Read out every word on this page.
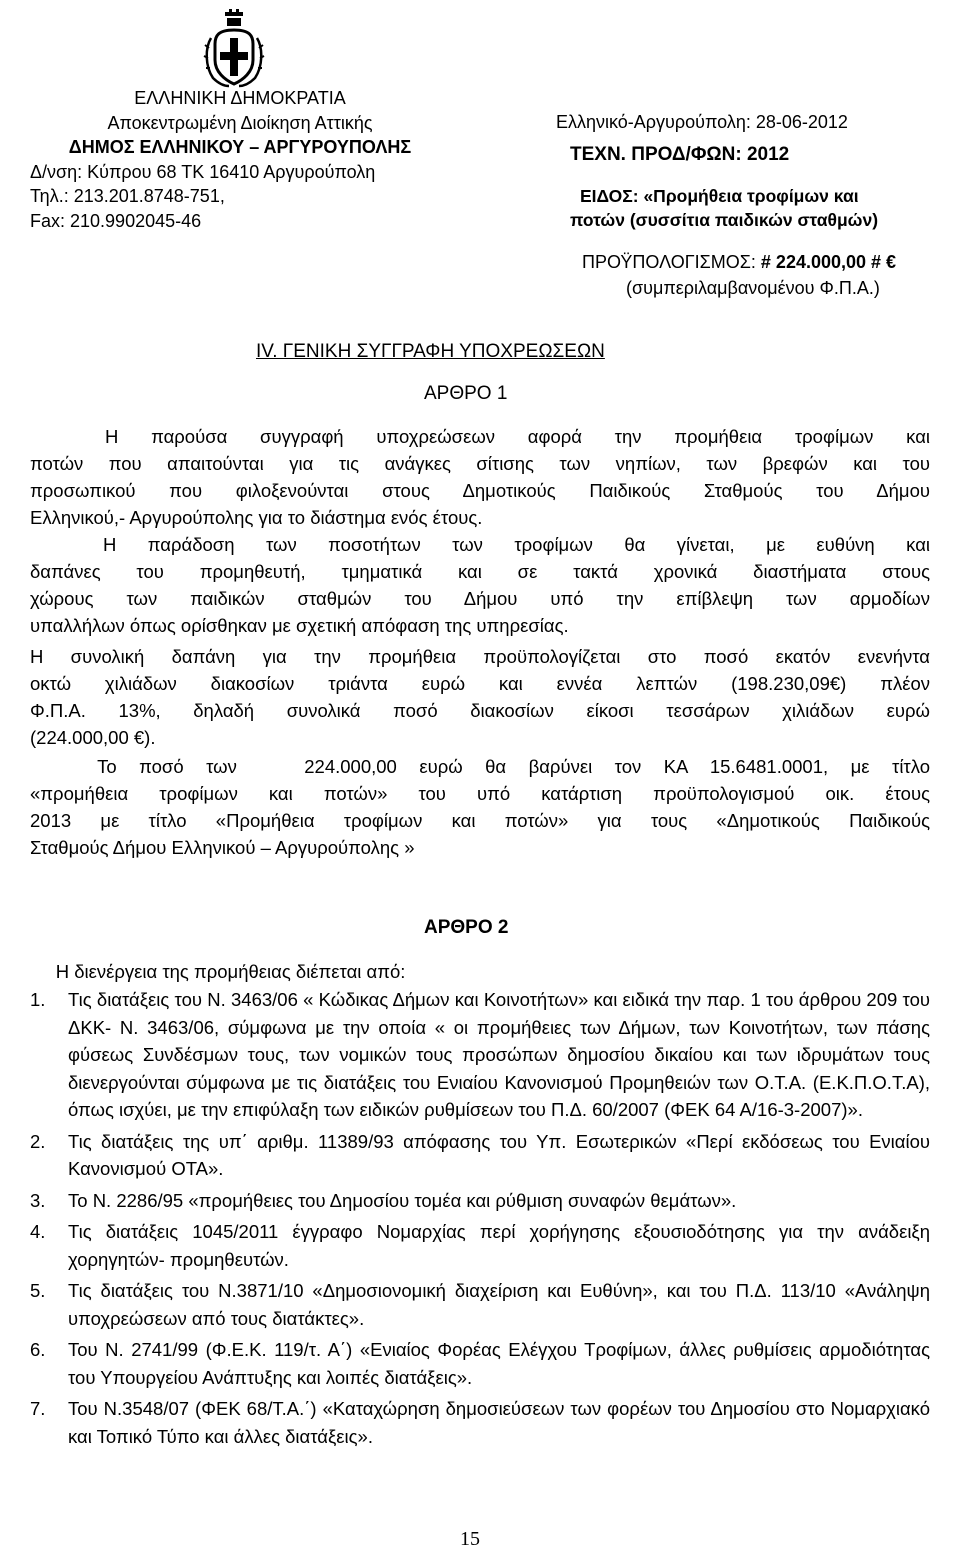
ΕΛΛΗΝΙΚΗ ΔΗΜΟΚΡΑΤΙΑ
Αποκεντρωμένη Διοίκηση Αττικής
ΔΗΜΟΣ ΕΛΛΗΝΙΚΟΥ – ΑΡΓΥΡΟΥΠΟΛΗΣ
Δ/νση: Κύπρου 68 ΤΚ 16410 Αργυρούπολη
Τηλ.: 213.201.8748-751,
Fax: 210.9902045-46
Ελληνικό-Αργυρούπολη: 28-06-2012
ΤΕΧΝ. ΠΡΟΔ/ΦΩΝ: 2012
ΕΙΔΟΣ: «Προμήθεια τροφίμων και
ποτών (συσσίτια παιδικών σταθμών)
ΠΡΟΫΠΟΛΟΓΙΣΜΟΣ: # 224.000,00 # €
(συμπεριλαμβανομένου Φ.Π.Α.)
IV. ΓΕΝΙΚΗ ΣΥΓΓΡΑΦΗ ΥΠΟΧΡΕΩΣΕΩΝ
ΑΡΘΡΟ 1
Η παρούσα συγγραφή υποχρεώσεων αφορά την προμήθεια τροφίμων και
ποτών που απαιτούνται για τις ανάγκες σίτισης των νηπίων, των βρεφών και του
προσωπικού που φιλοξενούνται στους Δημοτικούς Παιδικούς Σταθμούς του Δήμου
Ελληνικού,- Αργυρούπολης για το διάστημα ενός έτους.
Η παράδοση των ποσοτήτων των τροφίμων θα γίνεται, με ευθύνη και
δαπάνες του προμηθευτή, τμηματικά και σε τακτά χρονικά διαστήματα στους
χώρους των παιδικών σταθμών του Δήμου υπό την επίβλεψη των αρμοδίων
υπαλλήλων όπως ορίσθηκαν με σχετική απόφαση της υπηρεσίας.
Η συνολική δαπάνη για την προμήθεια προϋπολογίζεται στο ποσό εκατόν ενενήντα
οκτώ χιλιάδων διακοσίων τριάντα ευρώ και εννέα λεπτών (198.230,09€) πλέον
Φ.Π.Α. 13%, δηλαδή συνολικά ποσό διακοσίων είκοσι τεσσάρων χιλιάδων ευρώ
(224.000,00 €).
Το ποσό των   224.000,00 ευρώ θα βαρύνει τον ΚΑ 15.6481.0001, με τίτλο
«προμήθεια τροφίμων και ποτών» του υπό κατάρτιση προϋπολογισμού οικ. έτους
2013 με τίτλο «Προμήθεια τροφίμων και ποτών» για τους «Δημοτικούς Παιδικούς
Σταθμούς Δήμου Ελληνικού – Αργυρούπολης »
ΑΡΘΡΟ 2
Η διενέργεια της προμήθειας διέπεται από:
1. Τις διατάξεις του Ν. 3463/06 « Κώδικας Δήμων και Κοινοτήτων» και ειδικά την παρ. 1 του άρθρου 209 του ΔΚΚ- Ν. 3463/06, σύμφωνα με την οποία « οι προμήθειες των Δήμων, των Κοινοτήτων, των πάσης φύσεως Συνδέσμων τους, των νομικών τους προσώπων δημοσίου δικαίου και των ιδρυμάτων τους διενεργούνται σύμφωνα με τις διατάξεις του Ενιαίου Κανονισμού Προμηθειών των Ο.Τ.Α. (Ε.Κ.Π.Ο.Τ.Α), όπως ισχύει, με την επιφύλαξη των ειδικών ρυθμίσεων του Π.Δ. 60/2007 (ΦΕΚ 64 Α/16-3-2007)».
2. Τις διατάξεις της υπ΄ αριθμ. 11389/93 απόφασης του Υπ. Εσωτερικών «Περί εκδόσεως του Ενιαίου Κανονισμού ΟΤΑ».
3. Το Ν. 2286/95 «προμήθειες του Δημοσίου τομέα και ρύθμιση συναφών θεμάτων».
4. Τις διατάξεις 1045/2011 έγγραφο Νομαρχίας περί χορήγησης εξουσιοδότησης για την ανάδειξη χορηγητών- προμηθευτών.
5. Τις διατάξεις του Ν.3871/10 «Δημοσιονομική διαχείριση και Ευθύνη», και του Π.Δ. 113/10 «Ανάληψη υποχρεώσεων από τους διατάκτες».
6. Του Ν. 2741/99 (Φ.Ε.Κ. 119/τ. Α΄) «Ενιαίος Φορέας Ελέγχου Τροφίμων, άλλες ρυθμίσεις αρμοδιότητας του Υπουργείου Ανάπτυξης και λοιπές διατάξεις».
7. Του Ν.3548/07 (ΦΕΚ 68/Τ.Α.΄) «Καταχώρηση δημοσιεύσεων των φορέων του Δημοσίου στο Νομαρχιακό και Τοπικό Τύπο και άλλες διατάξεις».
15
